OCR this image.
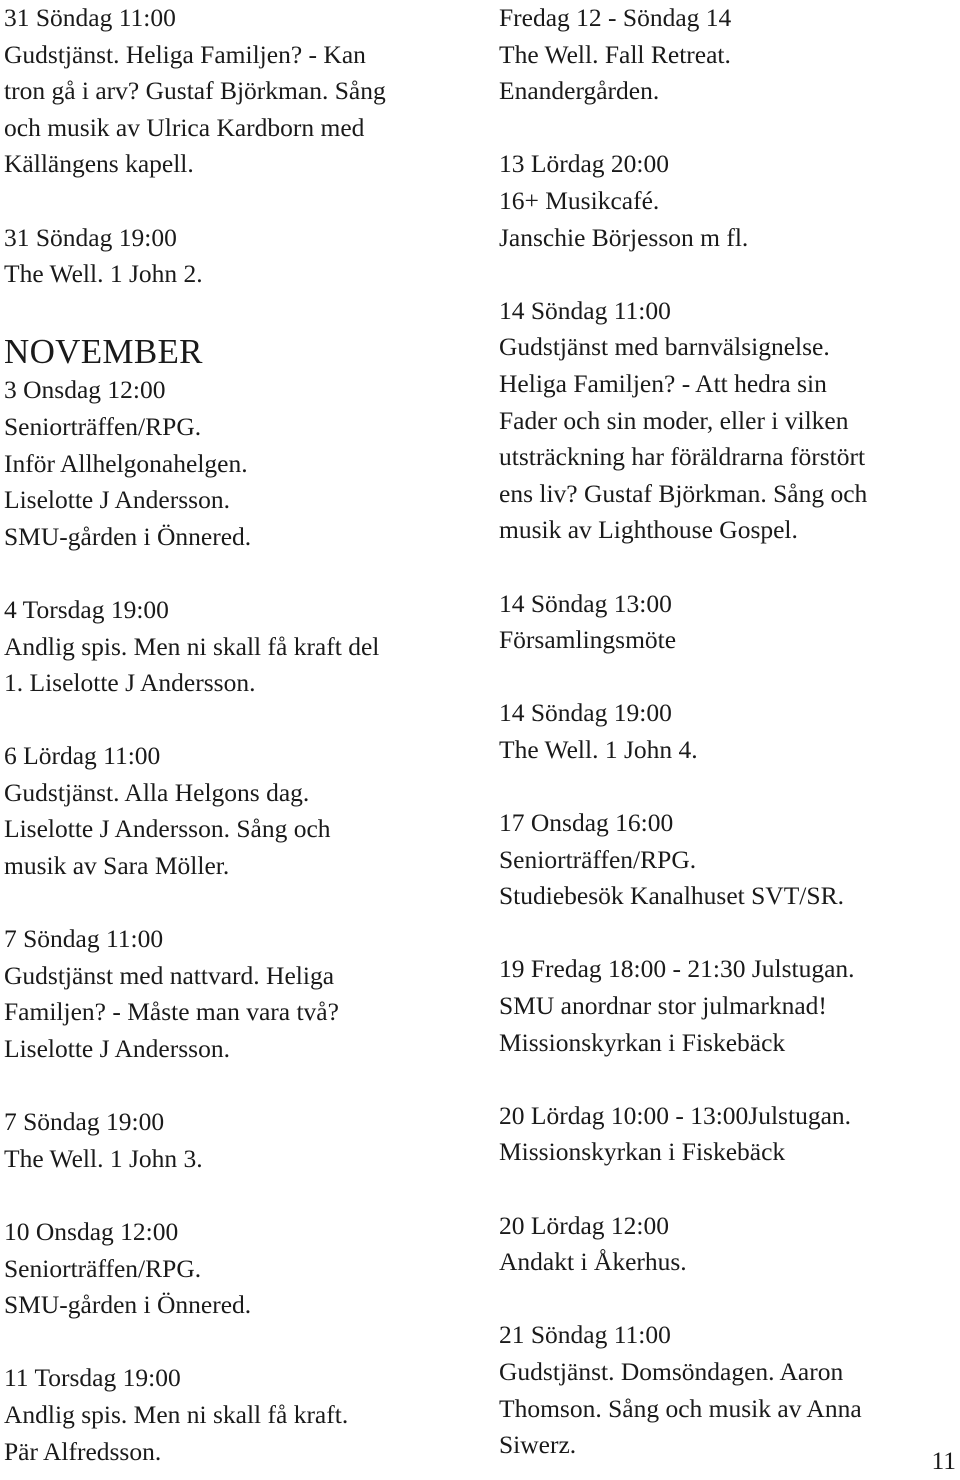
31 Söndag 11:00
Gudstjänst. Heliga Familjen? - Kan
tron gå i arv? Gustaf Björkman. Sång
och musik av Ulrica Kardborn med
Källängens kapell.
31 Söndag 19:00
The Well. 1 John 2.
NOVEMBER
3 Onsdag 12:00
Seniorträffen/RPG.
Inför Allhelgonahelgen.
Liselotte J Andersson.
SMU-gården i Önnered.
4 Torsdag 19:00
Andlig spis. Men ni skall få kraft del
1. Liselotte J Andersson.
6 Lördag 11:00
Gudstjänst. Alla Helgons dag.
Liselotte J Andersson. Sång och
musik av Sara Möller.
7 Söndag 11:00
Gudstjänst med nattvard. Heliga
Familjen? - Måste man vara två?
Liselotte J Andersson.
7 Söndag 19:00
The Well. 1 John 3.
10 Onsdag 12:00
Seniorträffen/RPG.
SMU-gården i Önnered.
11 Torsdag 19:00
Andlig spis. Men ni skall få kraft.
Pär Alfredsson.
Fredag 12 - Söndag 14
The Well. Fall Retreat.
Enandergården.
13 Lördag 20:00
16+ Musikcafé.
Janschie Börjesson m fl.
14 Söndag 11:00
Gudstjänst med barnvälsignelse.
Heliga Familjen? - Att hedra sin
Fader och sin moder, eller i vilken
utsträckning har föräldrarna förstört
ens liv? Gustaf Björkman. Sång och
musik av Lighthouse Gospel.
14 Söndag 13:00
Församlingsmöte
14 Söndag 19:00
The Well. 1 John 4.
17 Onsdag 16:00
Seniorträffen/RPG.
Studiebesök Kanalhuset SVT/SR.
19 Fredag 18:00 - 21:30 Julstugan.
SMU anordnar stor julmarknad!
Missionskyrkan i Fiskebäck
20 Lördag 10:00 - 13:00Julstugan.
Missionskyrkan i Fiskebäck
20 Lördag 12:00
Andakt i Åkerhus.
21 Söndag 11:00
Gudstjänst. Domsöndagen. Aaron
Thomson. Sång och musik av Anna
Siwerz.
11
